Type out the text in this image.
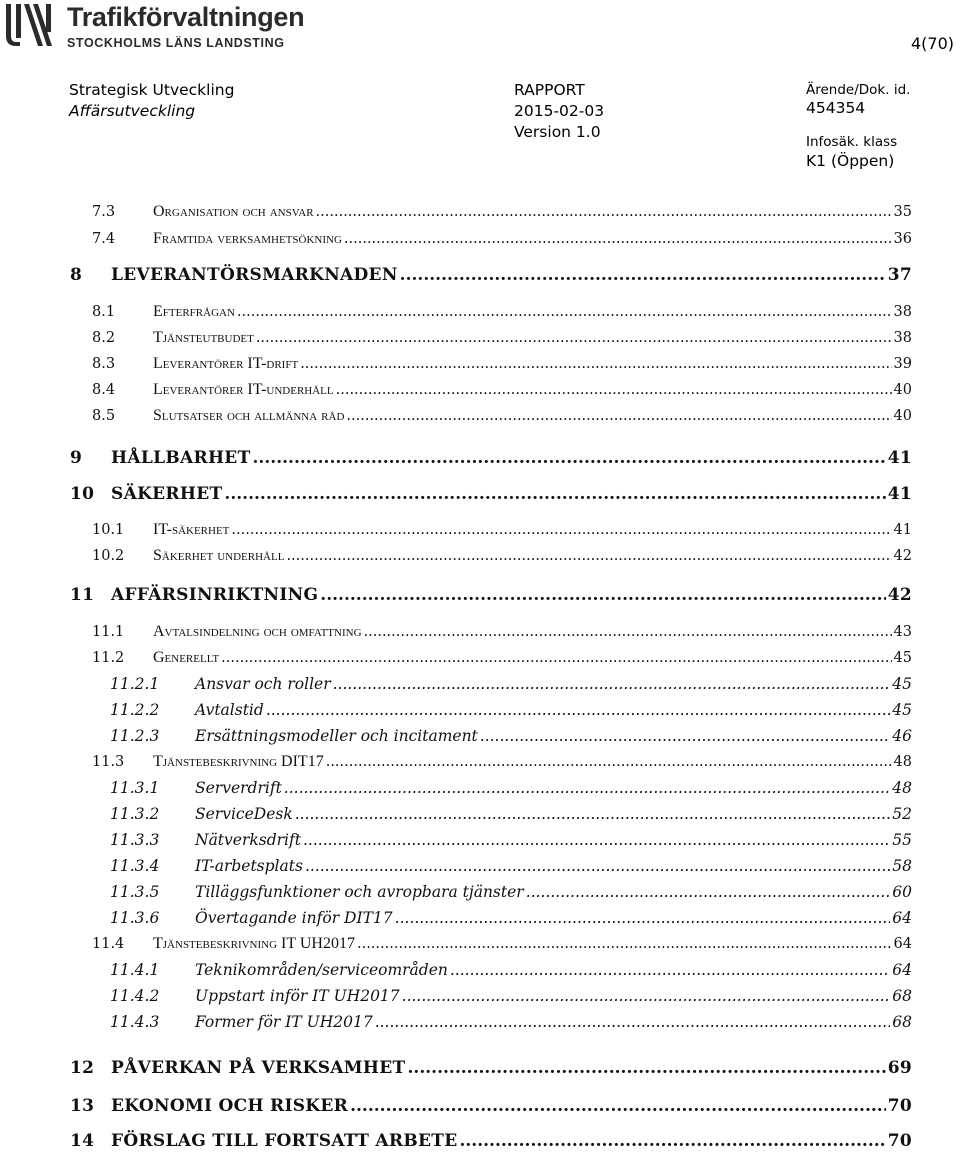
Trafikförvaltningen
STOCKHOLMS LÄNS LANDSTING	4(70)
Strategisk Utveckling
Affärsutveckling
RAPPORT
2015-02-03
Version 1.0
Ärende/Dok. id.
454354
Infosäk. klass
K1 (Öppen)
7.3	Organisation och ansvar .....	35
7.4	Framtida verksamhetsökning .....	36
8	LEVERANTÖRSMARKNADEN .....	37
8.1	Efterfrågan .....	38
8.2	Tjänsteutbudet .....	38
8.3	Leverantörer IT-drift .....	39
8.4	Leverantörer IT-underhåll .....	40
8.5	Slutsatser och allmänna råd .....	40
9	HÅLLBARHET .....	41
10 SÄKERHET .....	41
10.1	IT-säkerhet .....	41
10.2	Säkerhet underhåll .....	42
11 AFFÄRSINRIKTNING .....	42
11.1	Avtalsindelning och omfattning .....	43
11.2	Generellt .....	45
11.2.1	Ansvar och roller .....	45
11.2.2	Avtalstid .....	45
11.2.3	Ersättningsmodeller och incitament .....	46
11.3	Tjänstebeskrivning DIT17 .....	48
11.3.1	Serverdrift .....	48
11.3.2	ServiceDesk .....	52
11.3.3	Nätverksdrift .....	55
11.3.4	IT-arbetsplats .....	58
11.3.5	Tilläggsfunktioner och avropbara tjänster .....	60
11.3.6	Övertagande inför DIT17 .....	64
11.4	Tjänstebeskrivning IT UH2017 .....	64
11.4.1	Teknikområden/serviceområden .....	64
11.4.2	Uppstart inför IT UH2017 .....	68
11.4.3	Former för IT UH2017 .....	68
12 PÅVERKAN PÅ VERKSAMHET .....	69
13 EKONOMI OCH RISKER .....	70
14 FÖRSLAG TILL FORTSATT ARBETE .....	70
